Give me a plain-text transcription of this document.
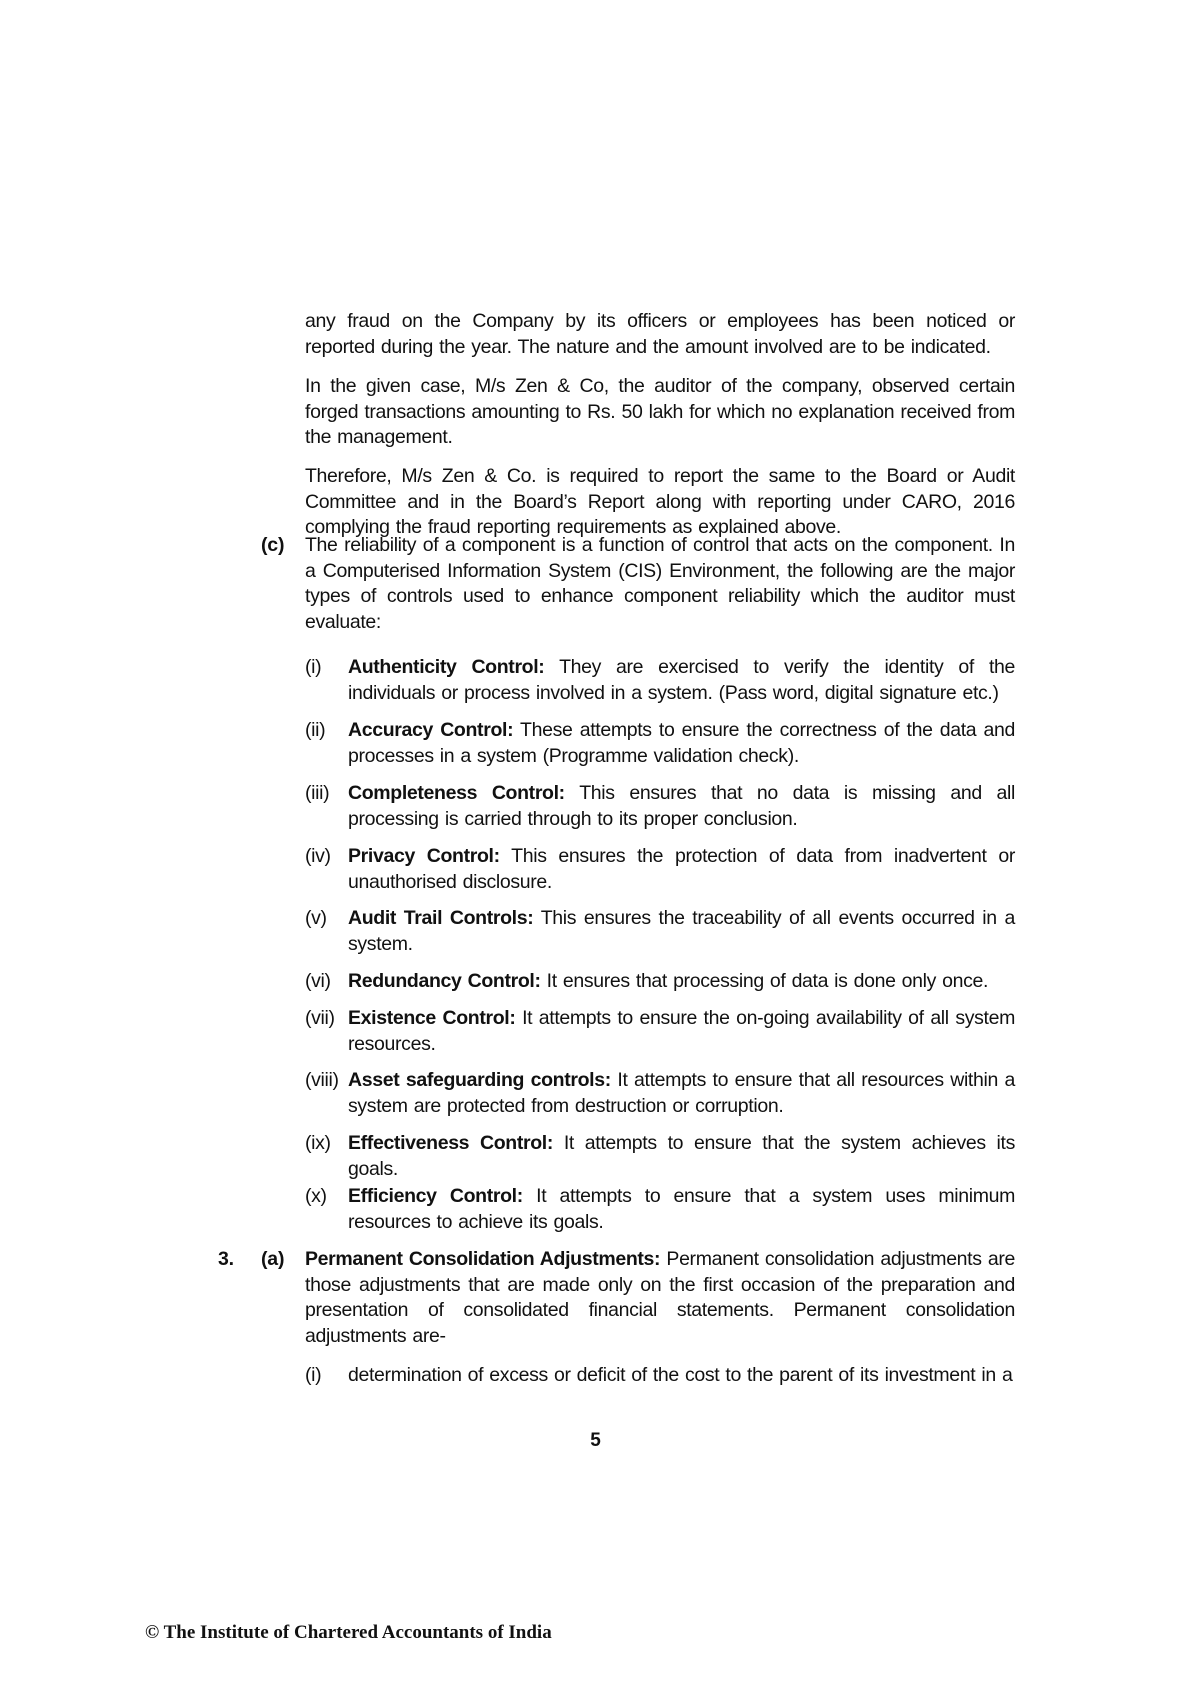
any fraud on the Company by its officers or employees has been noticed or reported during the year. The nature and the amount involved are to be indicated.

In the given case, M/s Zen & Co, the auditor of the company, observed certain forged transactions amounting to Rs. 50 lakh for which no explanation received from the management.

Therefore, M/s Zen & Co. is required to report the same to the Board or Audit Committee and in the Board’s Report along with reporting under CARO, 2016 complying the fraud reporting requirements as explained above.

(c) The reliability of a component is a function of control that acts on the component. In a Computerised Information System (CIS) Environment, the following are the major types of controls used to enhance component reliability which the auditor must evaluate:

(i)	Authenticity Control: They are exercised to verify the identity of the individuals or process involved in a system. (Pass word, digital signature etc.)
(ii)	Accuracy Control: These attempts to ensure the correctness of the data and processes in a system (Programme validation check).
(iii) Completeness Control: This ensures that no data is missing and all processing is carried through to its proper conclusion.
(iv) Privacy Control: This ensures the protection of data from inadvertent or unauthorised disclosure.
(v)	Audit Trail Controls: This ensures the traceability of all events occurred in a system.
(vi) Redundancy Control: It ensures that processing of data is done only once.
(vii) Existence Control: It attempts to ensure the on-going availability of all system resources.
(viii) Asset safeguarding controls: It attempts to ensure that all resources within a system are protected from destruction or corruption.
(ix) Effectiveness Control: It attempts to ensure that the system achieves its goals.
(x)	Efficiency Control: It attempts to ensure that a system uses minimum resources to achieve its goals.
3. (a) Permanent Consolidation Adjustments: Permanent consolidation adjustments are those adjustments that are made only on the first occasion of the preparation and presentation of consolidated financial statements. Permanent consolidation adjustments are-

(i)	determination of excess or deficit of the cost to the parent of its investment in a
5
© The Institute of Chartered Accountants of India
